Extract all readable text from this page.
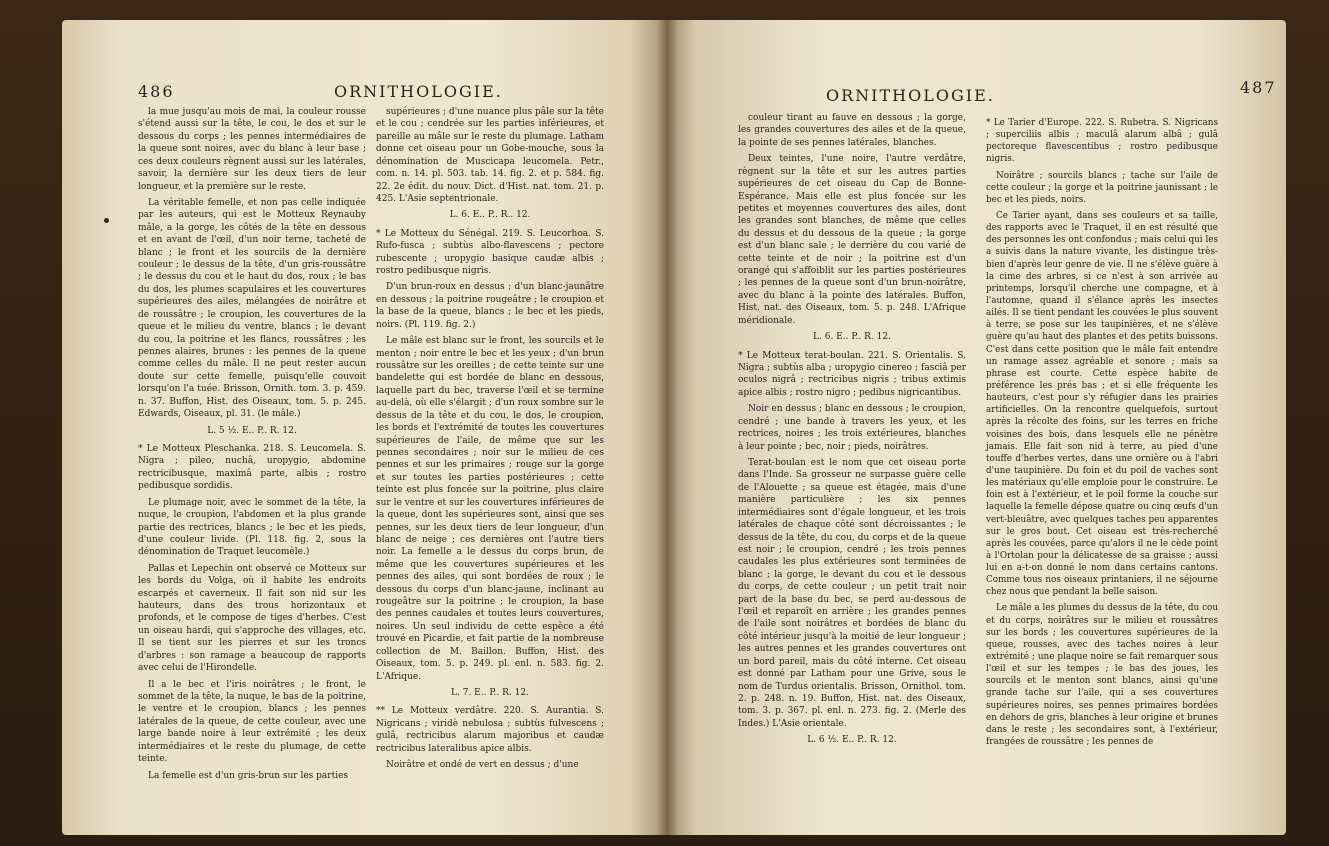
486	ORNITHOLOGIE.

la mue jusqu'au mois de mai, la couleur rousse s'étend aussi sur la tête, le cou, le dos et sur le dessous du corps ; les pennes intermédiaires de la queue sont noires, avec du blanc à leur base ; ces deux couleurs règnent aussi sur les latérales, savoir, la dernière sur les deux tiers de leur longueur, et la première sur le reste.

La véritable femelle, et non pas celle indiquée par les auteurs, qui est le Motteux Reynauby mâle, a la gorge, les côtés de la tête en dessous et en avant de l'œil, d'un noir terne, tacheté de blanc ; le front et les sourcils de la dernière couleur ; le dessus de la tête, d'un gris-roussâtre ; le dessus du cou et le haut du dos, roux ; le bas du dos, les plumes scapulaires et les couvertures supérieures des ailes, mélangées de noirâtre et de roussâtre ; le croupion, les couvertures de la queue et le milieu du ventre, blancs ; le devant du cou, la poitrine et les flancs, roussâtres ; les pennes alaires, brunes : les pennes de la queue comme celles du mâle. Il ne peut rester aucun doute sur cette femelle, puisqu'elle couvoit lorsqu'on l'a tuée. Brisson, Ornith. tom. 3. p. 459. n. 37. Buffon, Hist. des Oiseaux, tom. 5. p. 245. Edwards, Oiseaux, pl. 31. (le mâle.)

L. 5 ½. E.. P.. R. 12.

* Le Motteux Pleschanka. 218. S. Leucomela. S. Nigra ; pileo, nuchâ, uropygio, abdomine rectricibusque, maximâ parte, albis ; rostro pedibusque sordidis.

Le plumage noir, avec le sommet de la tête, la nuque, le croupion, l'abdomen et la plus grande partie des rectrices, blancs ; le bec et les pieds, d'une couleur livide. (Pl. 118. fig. 2, sous la dénomination de Traquet leucomèle.)

Pallas et Lepechin ont observé ce Motteux sur les bords du Volga, où il habite les endroits escarpés et caverneux. Il fait son nid sur les hauteurs, dans des trous horizontaux et profonds, et le compose de tiges d'herbes. C'est un oiseau hardi, qui s'approche des villages, etc. Il se tient sur les pierres et sur les troncs d'arbres : son ramage a beaucoup de rapports avec celui de l'Hirondelle.

Il a le bec et l'iris noirâtres ; le front, le sommet de la tête, la nuque, le bas de la poitrine, le ventre et le croupion, blancs ; les pennes latérales de la queue, de cette couleur, avec une large bande noire à leur extrémité ; les deux intermédiaires et le reste du plumage, de cette teinte.

La femelle est d'un gris-brun sur les parties

supérieures ; d'une nuance plus pâle sur la tête et le cou ; cendrée sur les parties inférieures, et pareille au mâle sur le reste du plumage. Latham donne cet oiseau pour un Gobe-mouche, sous la dénomination de Muscicapa leucomela. Petr., com. n. 14. pl. 503. tab. 14. fig. 2. et p. 584. fig. 22. 2e édit. du nouv. Dict. d'Hist. nat. tom. 21. p. 425. L'Asie septentrionale.

L. 6. E.. P.. R.. 12.

* Le Motteux du Sénégal. 219. S. Leucorhoa. S. Rufo-fusca ; subtùs albo-flavescens ; pectore rubescente ; uropygio basique caudæ albis ; rostro pedibusque nigris.

D'un brun-roux en dessus ; d'un blanc-jaunâtre en dessous ; la poitrine rougeâtre ; le croupion et la base de la queue, blancs ; le bec et les pieds, noirs. (Pl. 119. fig. 2.)

Le mâle est blanc sur le front, les sourcils et le menton ; noir entre le bec et les yeux ; d'un brun roussâtre sur les oreilles ; de cette teinte sur une bandelette qui est bordée de blanc en dessous, laquelle part du bec, traverse l'œil et se termine au-delà, où elle s'élargit ; d'un roux sombre sur le dessus de la tête et du cou, le dos, le croupion, les bords et l'extrémité de toutes les couvertures supérieures de l'aile, de même que sur les pennes secondaires ; noir sur le milieu de ces pennes et sur les primaires ; rouge sur la gorge et sur toutes les parties postérieures ; cette teinte est plus foncée sur la poitrine, plus claire sur le ventre et sur les couvertures inférieures de la queue, dont les supérieures sont, ainsi que ses pennes, sur les deux tiers de leur longueur, d'un blanc de neige ; ces dernières ont l'autre tiers noir. La femelle a le dessus du corps brun, de même que les couvertures supérieures et les pennes des ailes, qui sont bordées de roux ; le dessous du corps d'un blanc-jaune, inclinant au rougeâtre sur la poitrine ; le croupion, la base des pennes caudales et toutes leurs couvertures, noires. Un seul individu de cette espèce a été trouvé en Picardie, et fait partie de la nombreuse collection de M. Baillon. Buffon, Hist. des Oiseaux, tom. 5. p. 249. pl. enl. n. 583. fig. 2. L'Afrique.

L. 7. E.. P.. R. 12.

** Le Motteux verdâtre. 220. S. Aurantia. S. Nigricans ; viridè nebulosa ; subtùs fulvescens ; gulâ, rectricibus alarum majoribus et caudæ rectricibus lateralibus apice albis.

Noirâtre et ondé de vert en dessus ; d'une

ORNITHOLOGIE.	487

couleur tirant au fauve en dessous ; la gorge, les grandes couvertures des ailes et de la queue, la pointe de ses pennes latérales, blanches.

Deux teintes, l'une noire, l'autre verdâtre, règnent sur la tête et sur les autres parties supérieures de cet oiseau du Cap de Bonne-Espérance. Mais elle est plus foncée sur les petites et moyennes couvertures des ailes, dont les grandes sont blanches, de même que celles du dessus et du dessous de la queue ; la gorge est d'un blanc sale ; le derrière du cou varié de cette teinte et de noir ; la poitrine est d'un orangé qui s'affoiblit sur les parties postérieures ; les pennes de la queue sont d'un brun-noirâtre, avec du blanc à la pointe des latérales. Buffon, Hist. nat. des Oiseaux, tom. 5. p. 248. L'Afrique méridionale.

L. 6. E.. P.. R. 12.

* Le Motteux terat-boulan. 221. S. Orientalis. S. Nigra ; subtùs alba ; uropygio cinereo ; fasciâ per oculos nigrâ ; rectricibus nigris ; tribus extimis apice albis ; rostro nigro ; pedibus nigricantibus.

Noir en dessus ; blanc en dessous ; le croupion, cendré ; une bande à travers les yeux, et les rectrices, noires ; les trois extérieures, blanches à leur pointe ; bec, noir ; pieds, noirâtres.

Terat-boulan est le nom que cet oiseau porte dans l'Inde. Sa grosseur ne surpasse guère celle de l'Alouette ; sa queue est étagée, mais d'une manière particulière ; les six pennes intermédiaires sont d'égale longueur, et les trois latérales de chaque côté sont décroissantes ; le dessus de la tête, du cou, du corps et de la queue est noir ; le croupion, cendré ; les trois pennes caudales les plus extérieures sont terminées de blanc ; la gorge, le devant du cou et le dessous du corps, de cette couleur ; un petit trait noir part de la base du bec, se perd au-dessous de l'œil et reparoît en arrière ; les grandes pennes de l'aile sont noirâtres et bordées de blanc du côté intérieur jusqu'à la moitié de leur longueur ; les autres pennes et les grandes couvertures ont un bord pareil, mais du côté interne. Cet oiseau est donné par Latham pour une Grive, sous le nom de Turdus orientalis. Brisson, Ornithol. tom. 2. p. 248. n. 19. Buffon, Hist. nat. des Oiseaux, tom. 3. p. 367. pl. enl. n. 273. fig. 2. (Merle des Indes.) L'Asie orientale.

L. 6 ½. E.. P.. R. 12.

* Le Tarier d'Europe. 222. S. Rubetra. S. Nigricans ; superciliis albis ; maculâ alarum albâ ; gulâ pectoreque flavescentibus ; rostro pedibusque nigris.

Noirâtre ; sourcils blancs ; tache sur l'aile de cette couleur ; la gorge et la poitrine jaunissant ; le bec et les pieds, noirs.

Ce Tarier ayant, dans ses couleurs et sa taille, des rapports avec le Traquet, il en est résulté que des personnes les ont confondus ; mais celui qui les a suivis dans la nature vivante, les distingue très-bien d'après leur genre de vie. Il ne s'élève guère à la cime des arbres, si ce n'est à son arrivée au printemps, lorsqu'il cherche une compagne, et à l'automne, quand il s'élance après les insectes ailés. Il se tient pendant les couvées le plus souvent à terre, se pose sur les taupinières, et ne s'élève guère qu'au haut des plantes et des petits buissons. C'est dans cette position que le mâle fait entendre un ramage assez agréable et sonore ; mais sa phrase est courte. Cette espèce habite de préférence les prés bas ; et si elle fréquente les hauteurs, c'est pour s'y réfugier dans les prairies artificielles. On la rencontre quelquefois, surtout après la récolte des foins, sur les terres en friche voisines des bois, dans lesquels elle ne pénètre jamais. Elle fait son nid à terre, au pied d'une touffe d'herbes vertes, dans une ornière ou à l'abri d'une taupinière. Du foin et du poil de vaches sont les matériaux qu'elle emploie pour le construire. Le foin est à l'extérieur, et le poil forme la couche sur laquelle la femelle dépose quatre ou cinq œufs d'un vert-bleuâtre, avec quelques taches peu apparentes sur le gros bout. Cet oiseau est très-recherché après les couvées, parce qu'alors il ne le cède point à l'Ortolan pour la délicatesse de sa graisse ; aussi lui en a-t-on donné le nom dans certains cantons. Comme tous nos oiseaux printaniers, il ne séjourne chez nous que pendant la belle saison.

Le mâle a les plumes du dessus de la tête, du cou et du corps, noirâtres sur le milieu et roussâtres sur les bords ; les couvertures supérieures de la queue, rousses, avec des taches noires à leur extrémité ; une plaque noire se fait remarquer sous l'œil et sur les tempes ; le bas des joues, les sourcils et le menton sont blancs, ainsi qu'une grande tache sur l'aile, qui a ses couvertures supérieures noires, ses pennes primaires bordées en dehors de gris, blanches à leur origine et brunes dans le reste ; les secondaires sont, à l'extérieur, frangées de roussâtre ; les pennes de
